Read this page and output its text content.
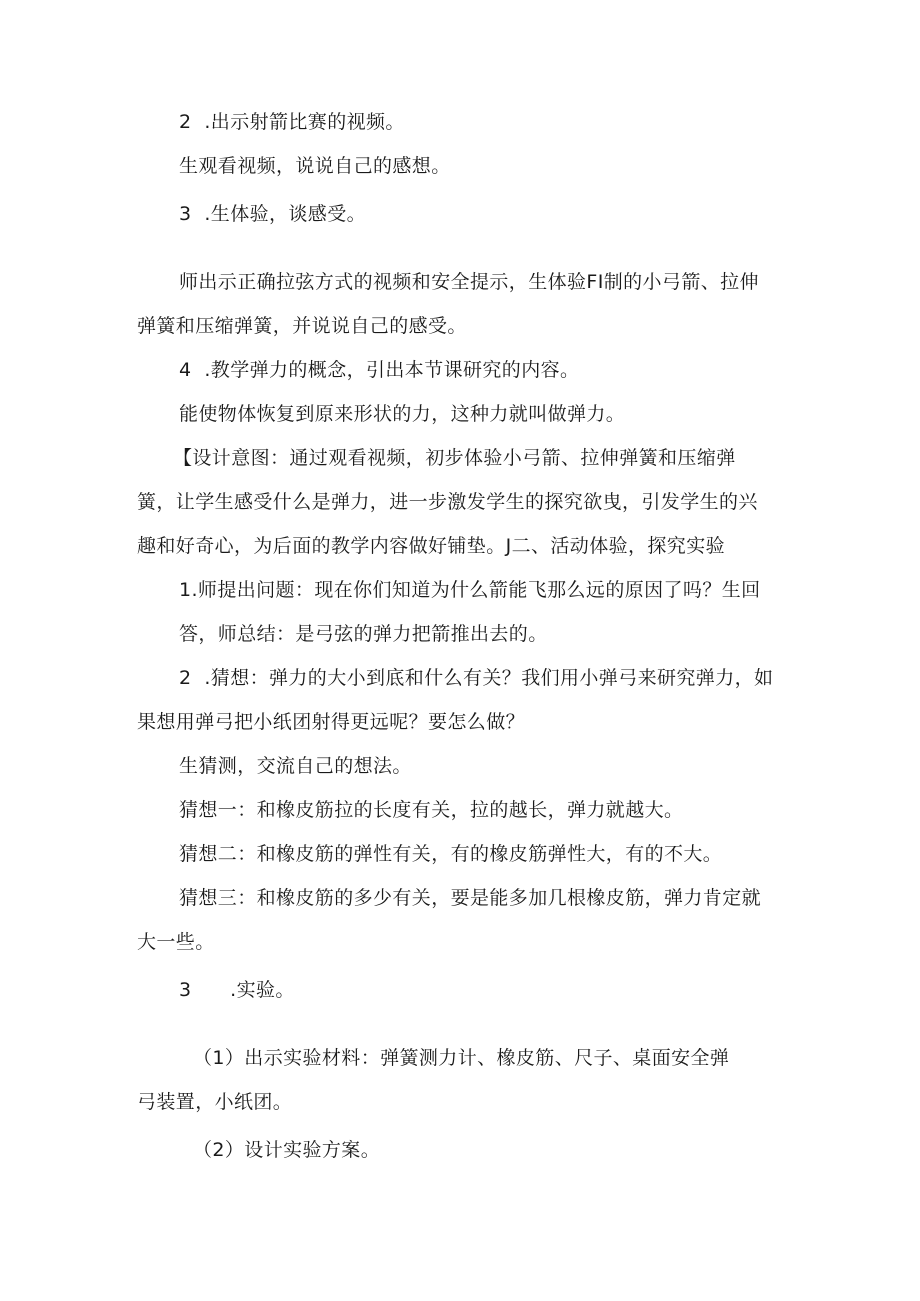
2  .出示射箭比赛的视频。
生观看视频，说说自己的感想。
3  .生体验，谈感受。
师出示正确拉弦方式的视频和安全提示，生体验FI制的小弓箭、拉伸
弹簧和压缩弹簧，并说说自己的感受。
4  .教学弹力的概念，引出本节课研究的内容。
能使物体恢复到原来形状的力，这种力就叫做弹力。
【设计意图：通过观看视频，初步体验小弓箭、拉伸弹簧和压缩弹
簧，让学生感受什么是弹力，进一步激发学生的探究欲曳，引发学生的兴
趣和好奇心，为后面的教学内容做好铺垫。J二、活动体验，探究实验
1.师提出问题：现在你们知道为什么箭能飞那么远的原因了吗？生回
答，师总结：是弓弦的弹力把箭推出去的。
2  .猜想：弹力的大小到底和什么有关？我们用小弹弓来研究弹力，如
果想用弹弓把小纸团射得更远呢？要怎么做？
生猜测，交流自己的想法。
猜想一：和橡皮筋拉的长度有关，拉的越长，弹力就越大。
猜想二：和橡皮筋的弹性有关，有的橡皮筋弹性大，有的不大。
猜想三：和橡皮筋的多少有关，要是能多加几根橡皮筋，弹力肯定就
大一些。
3      .实验。
（1）出示实验材料：弹簧测力计、橡皮筋、尺子、桌面安全弹
弓装置，小纸团。
（2）设计实验方案。
